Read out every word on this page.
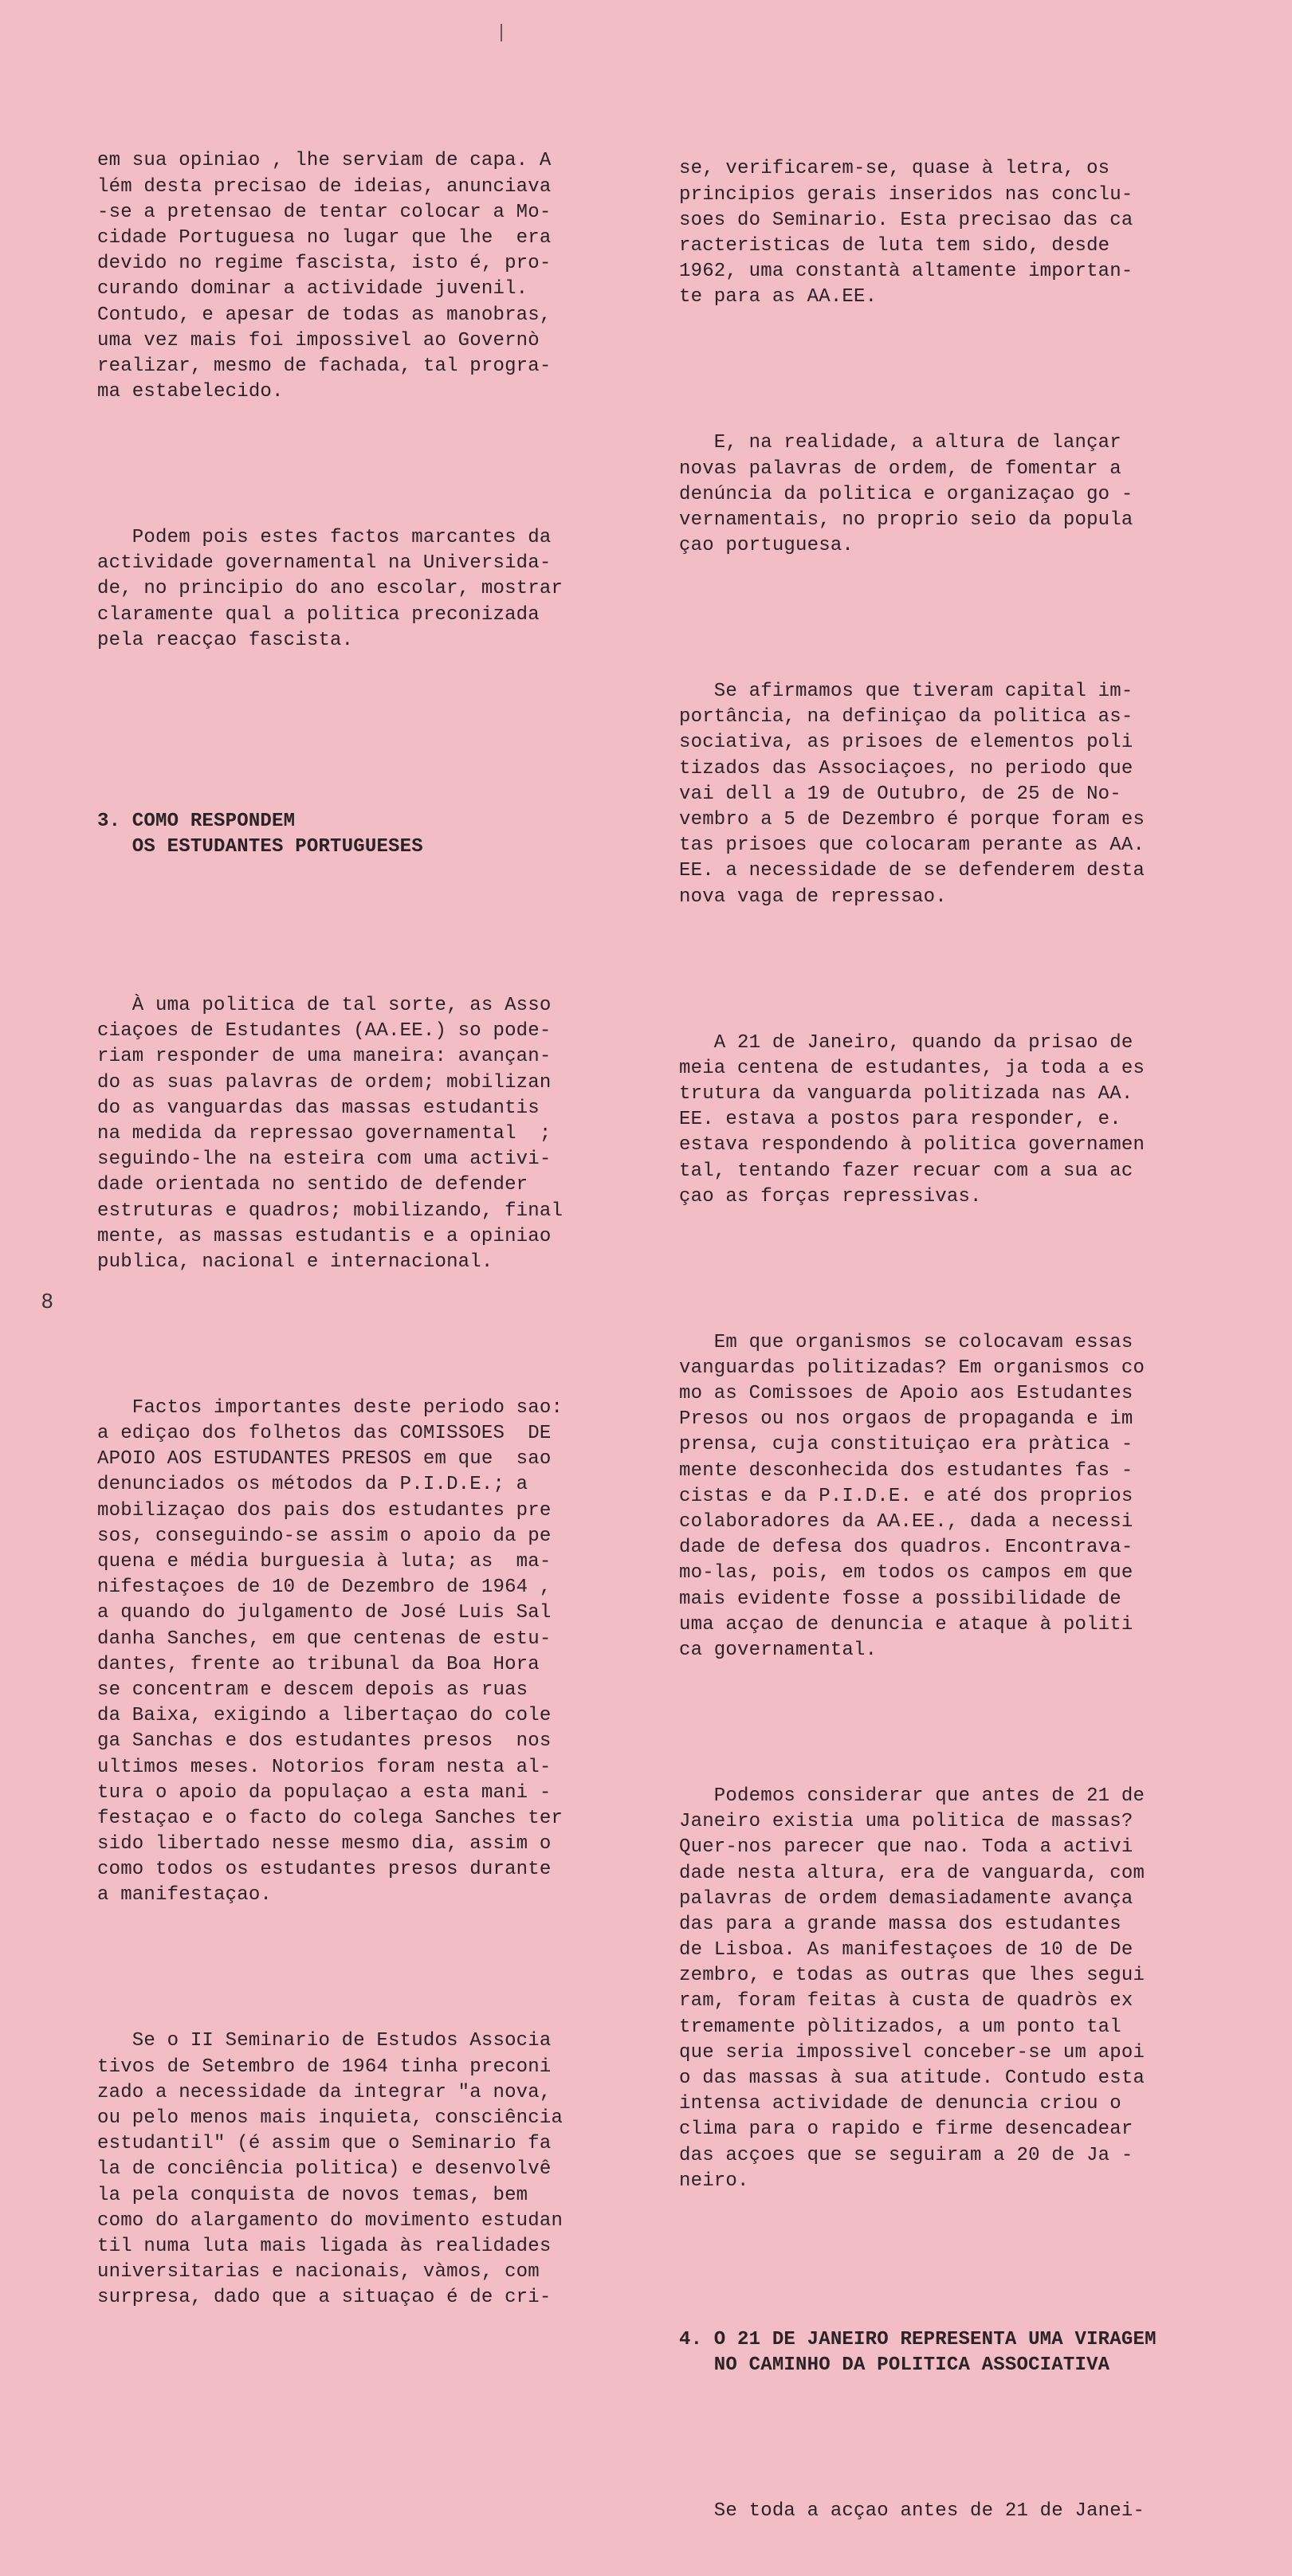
em sua opiniao , lhe serviam de capa. A
lém desta precisao de ideias, anunciava
-se a pretensao de tentar colocar a Mo-
cidade Portuguesa no lugar que lhe  era
devido no regime fascista, isto é, pro-
curando dominar a actividade juvenil.
Contudo, e apesar de todas as manobras,
uma vez mais foi impossivel ao Governò
realizar, mesmo de fachada, tal progra-
ma estabelecido.

Podem pois estes factos marcantes da
actividade governamental na Universida-
de, no principio do ano escolar, mostrar
claramente qual a politica preconizada
pela reacçao fascista.

3. COMO RESPONDEM
OS ESTUDANTES PORTUGUESES

À uma politica de tal sorte, as Asso
ciaçoes de Estudantes (AA.EE.) so pode-
riam responder de uma maneira: avançan-
do as suas palavras de ordem; mobilizan
do as vanguardas das massas estudantis
na medida da repressao governamental  ;
seguindo-lhe na esteira com uma activi-
dade orientada no sentido de defender
estruturas e quadros; mobilizando, final
mente, as massas estudantis e a opiniao
publica, nacional e internacional.

Factos importantes deste periodo sao:
a ediçao dos folhetos das COMISSOES  DE
APOIO AOS ESTUDANTES PRESOS em que  sao
denunciados os métodos da P.I.D.E.; a
mobilizaçao dos pais dos estudantes pre
sos, conseguindo-se assim o apoio da pe
quena e média burguesia à luta; as  ma-
nifestaçoes de 10 de Dezembro de 1964 ,
a quando do julgamento de José Luis Sal
danha Sanches, em que centenas de estu-
dantes, frente ao tribunal da Boa Hora
se concentram e descem depois as ruas
da Baixa, exigindo a libertaçao do cole
ga Sanchas e dos estudantes presos  nos
ultimos meses. Notorios foram nesta al-
tura o apoio da populaçao a esta mani -
festaçao e o facto do colega Sanches ter
sido libertado nesse mesmo dia, assim o
como todos os estudantes presos durante
a manifestaçao.

Se o II Seminario de Estudos Associa
tivos de Setembro de 1964 tinha preconi
zado a necessidade da integrar "a nova,
ou pelo menos mais inquieta, consciência
estudantil" (é assim que o Seminario fa
la de conciência politica) e desenvolvê
la pela conquista de novos temas, bem
como do alargamento do movimento estudan
til numa luta mais ligada às realidades
universitarias e nacionais, vàmos, com
surpresa, dado que a situaçao é de cri-

se, verificarem-se, quase à letra, os
principios gerais inseridos nas conclu-
soes do Seminario. Esta precisao das ca
racteristicas de luta tem sido, desde
1962, uma constantà altamente importan-
te para as AA.EE.

E, na realidade, a altura de lançar
novas palavras de ordem, de fomentar a
denúncia da politica e organizaçao go -
vernamentais, no proprio seio da popula
çao portuguesa.

Se afirmamos que tiveram capital im-
portância, na definiçao da politica as-
sociativa, as prisoes de elementos poli
tizados das Associaçoes, no periodo que
vai dell a 19 de Outubro, de 25 de No-
vembro a 5 de Dezembro é porque foram es
tas prisoes que colocaram perante as AA.
EE. a necessidade de se defenderem desta
nova vaga de repressao.

A 21 de Janeiro, quando da prisao de
meia centena de estudantes, ja toda a es
trutura da vanguarda politizada nas AA.
EE. estava a postos para responder, e.
estava respondendo à politica governamen
tal, tentando fazer recuar com a sua ac
çao as forças repressivas.

Em que organismos se colocavam essas
vanguardas politizadas? Em organismos co
mo as Comissoes de Apoio aos Estudantes
Presos ou nos orgaos de propaganda e im
prensa, cuja constituiçao era pràtica -
mente desconhecida dos estudantes fas -
cistas e da P.I.D.E. e até dos proprios
colaboradores da AA.EE., dada a necessi
dade de defesa dos quadros. Encontrava-
mo-las, pois, em todos os campos em que
mais evidente fosse a possibilidade de
uma acçao de denuncia e ataque à politi
ca governamental.

Podemos considerar que antes de 21 de
Janeiro existia uma politica de massas?
Quer-nos parecer que nao. Toda a activi
dade nesta altura, era de vanguarda, com
palavras de ordem demasiadamente avança
das para a grande massa dos estudantes
de Lisboa. As manifestaçoes de 10 de De
zembro, e todas as outras que lhes segui
ram, foram feitas à custa de quadròs ex
tremamente pòlitizados, a um ponto tal
que seria impossivel conceber-se um apoi
o das massas à sua atitude. Contudo esta
intensa actividade de denuncia criou o
clima para o rapido e firme desencadear
das acçoes que se seguiram a 20 de Ja -
neiro.

4. O 21 DE JANEIRO REPRESENTA UMA VIRAGEM
NO CAMINHO DA POLITICA ASSOCIATIVA

Se toda a acçao antes de 21 de Janei-

8
